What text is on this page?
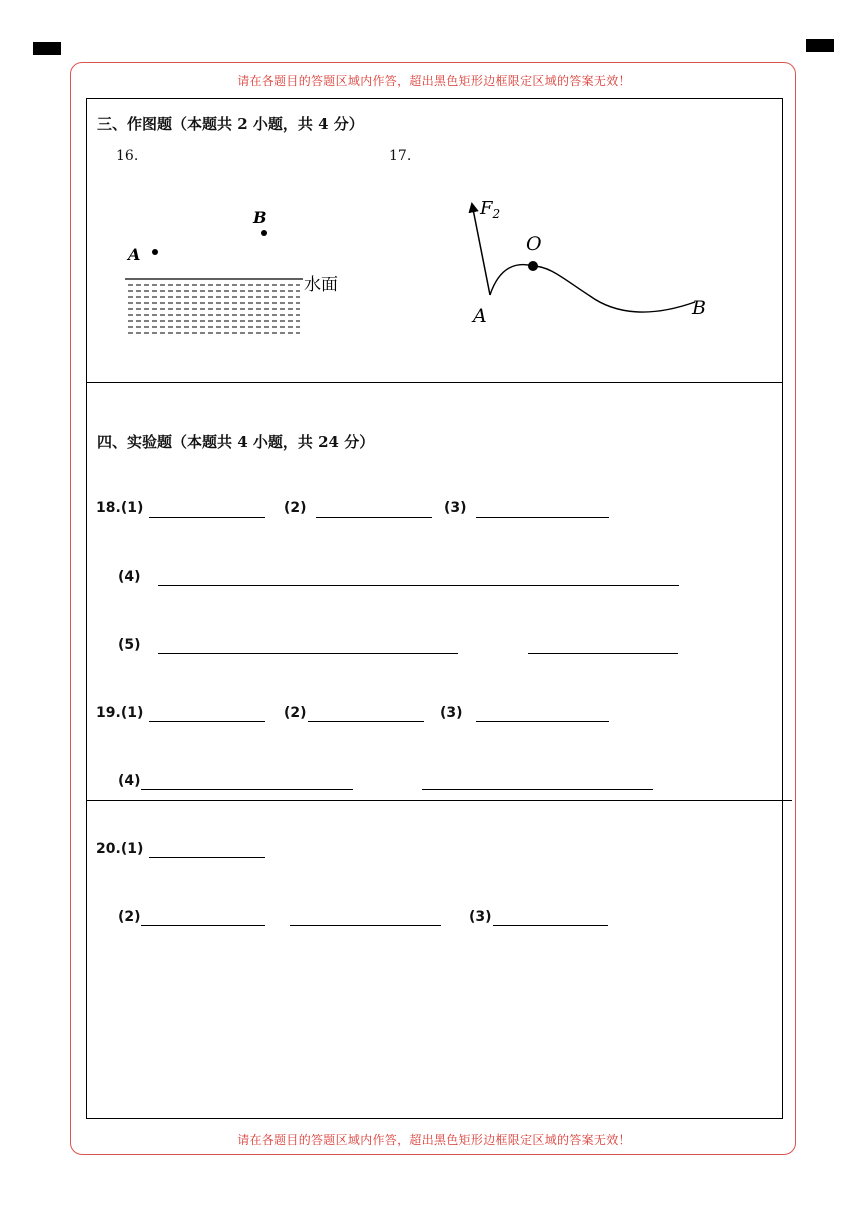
请在各题目的答题区域内作答，超出黑色矩形边框限定区域的答案无效！
请在各题目的答题区域内作答，超出黑色矩形边框限定区域的答案无效！
三、作图题（本题共 2 小题，共 4 分）
16.	17.
A
B
水面
$F_2$
O
A	B
四、实验题（本题共 4 小题，共 24 分）
18.(1)	(2)	(3)
(4)
(5)
19.(1)	(2)	(3)
(4)
20.(1)
(2)	(3)
